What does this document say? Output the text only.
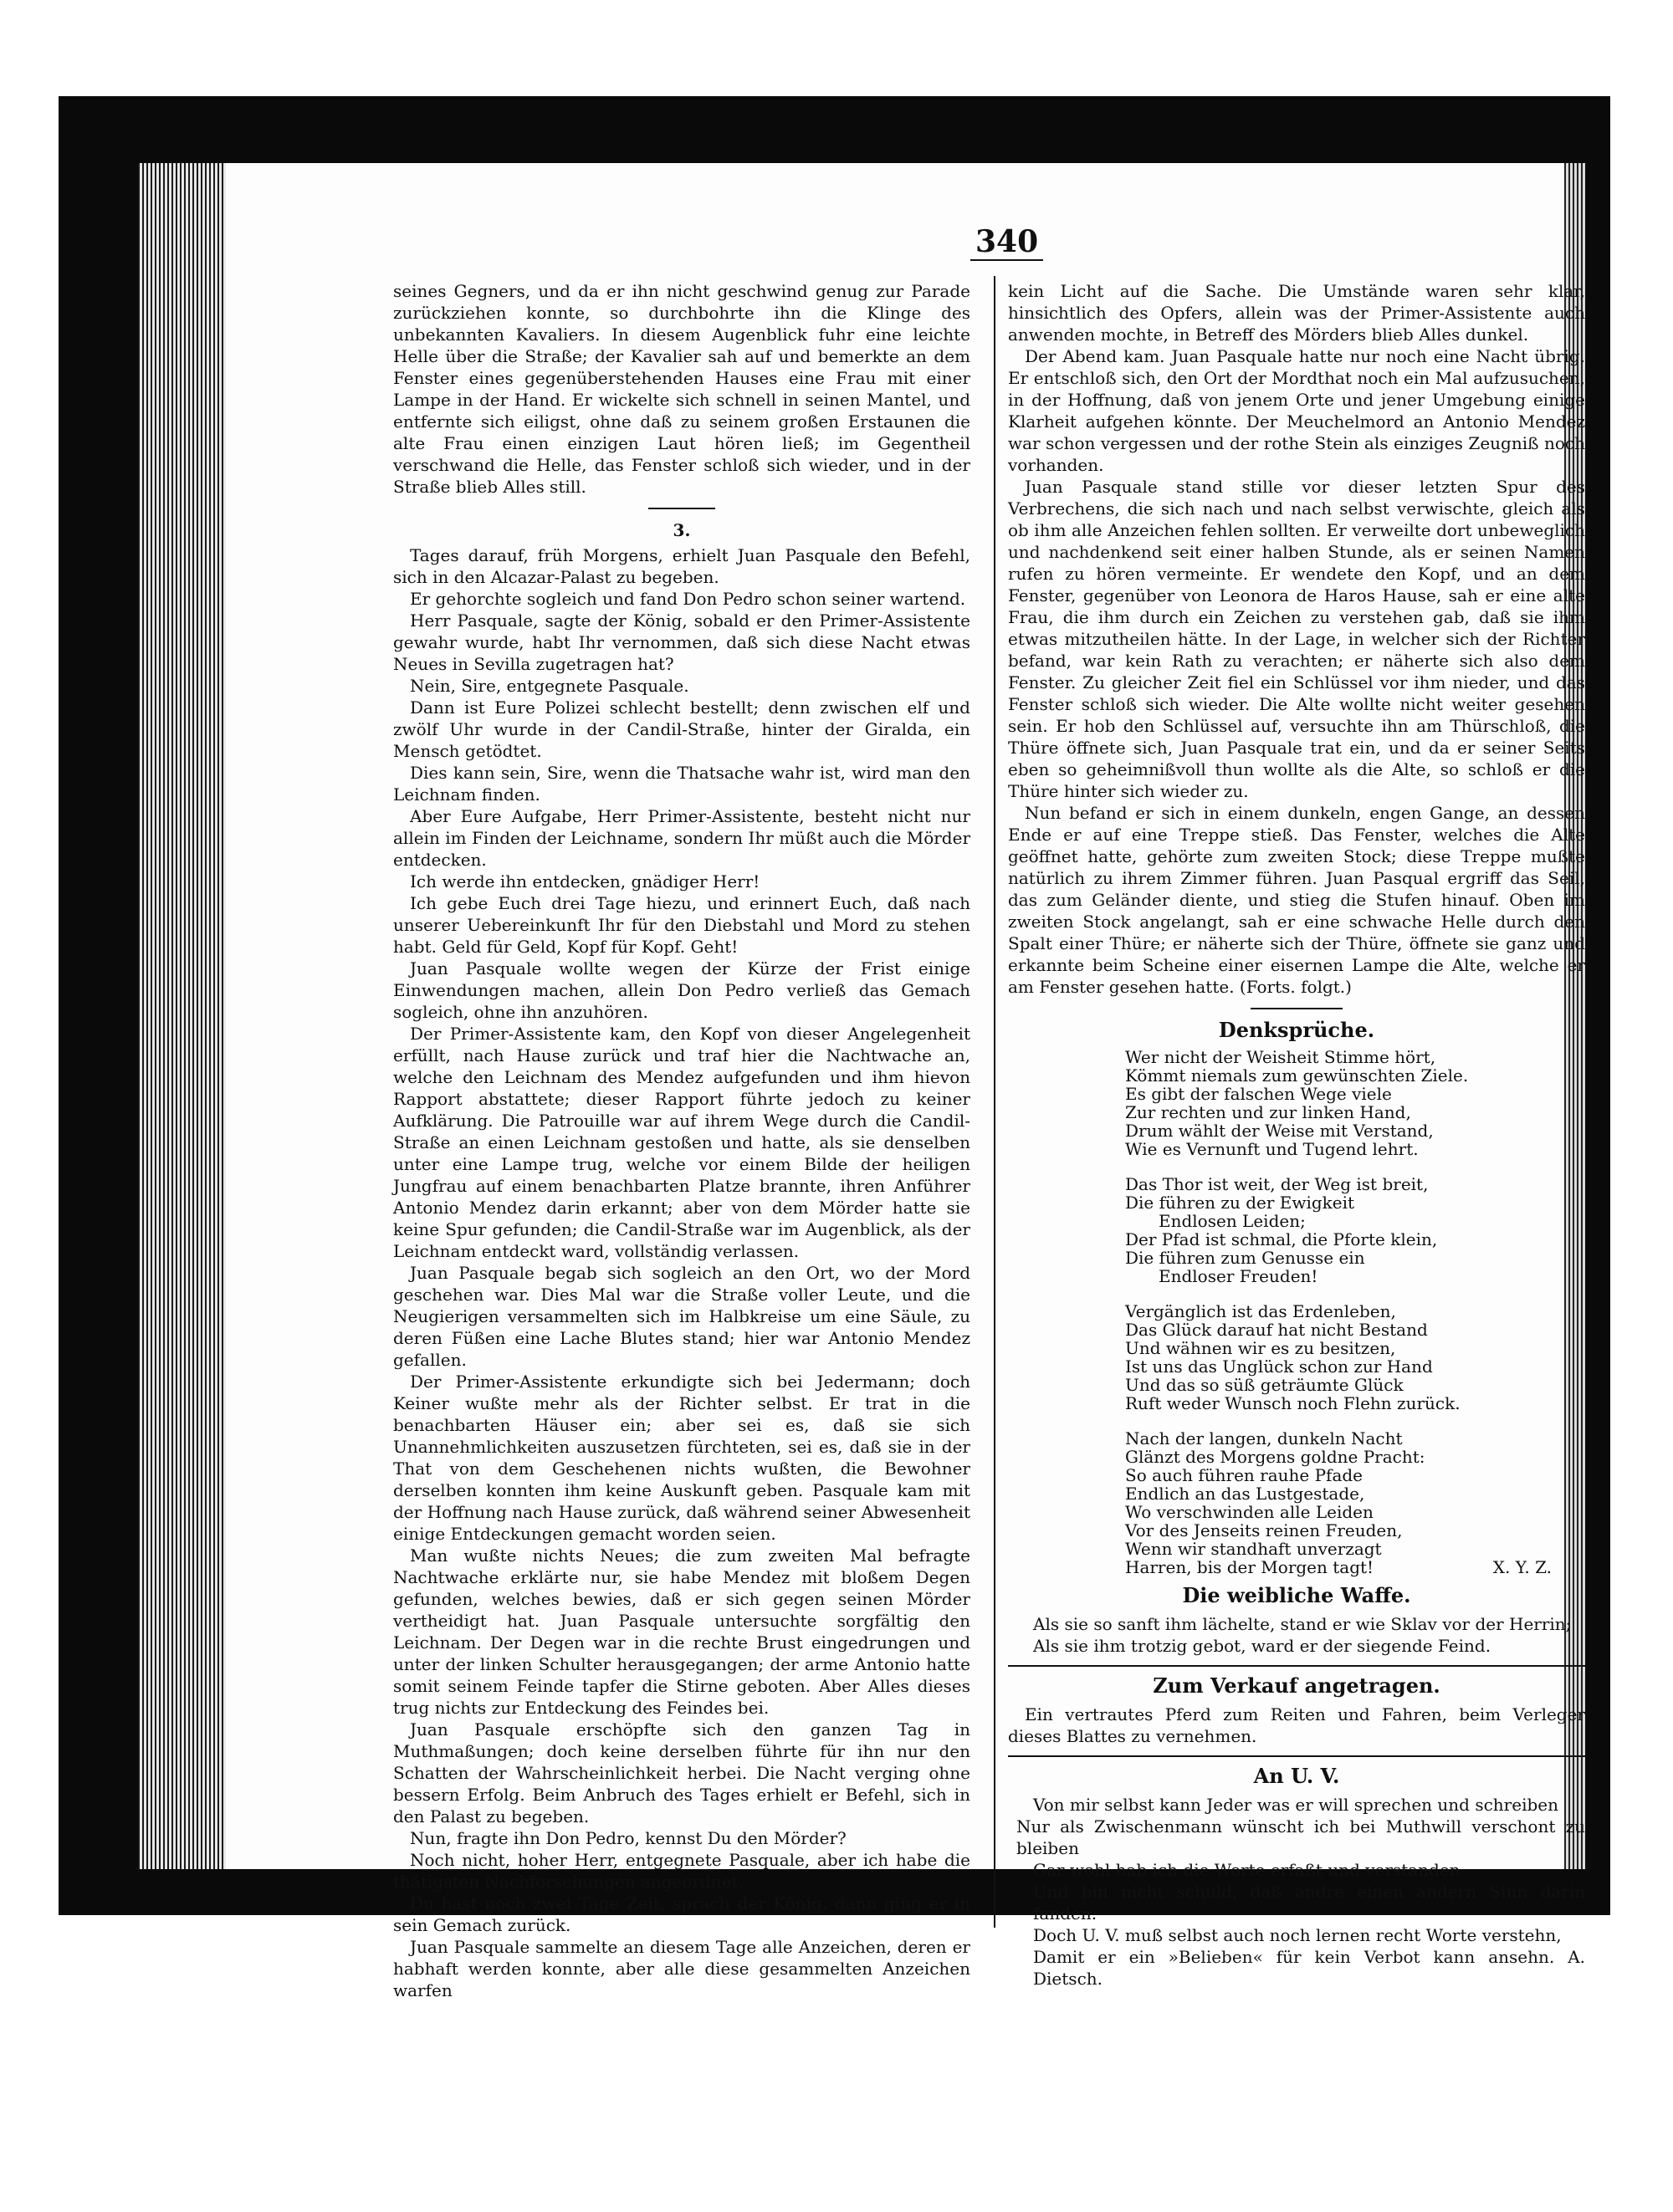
340

seines Gegners, und da er ihn nicht geschwind genug zur Parade zurückziehen konnte, so durchbohrte ihn die Klinge des unbekannten Kavaliers. In diesem Augenblick fuhr eine leichte Helle über die Straße; der Kavalier sah auf und bemerkte an dem Fenster eines gegenüberstehenden Hauses eine Frau mit einer Lampe in der Hand. Er wickelte sich schnell in seinen Mantel, und entfernte sich eiligst, ohne daß zu seinem großen Erstaunen die alte Frau einen einzigen Laut hören ließ; im Gegentheil verschwand die Helle, das Fenster schloß sich wieder, und in der Straße blieb Alles still.

3.

Tages darauf, früh Morgens, erhielt Juan Pasquale den Befehl, sich in den Alcazar-Palast zu begeben.

Er gehorchte sogleich und fand Don Pedro schon seiner wartend.

Herr Pasquale, sagte der König, sobald er den Primer-Assistente gewahr wurde, habt Ihr vernommen, daß sich diese Nacht etwas Neues in Sevilla zugetragen hat?

Nein, Sire, entgegnete Pasquale.

Dann ist Eure Polizei schlecht bestellt; denn zwischen elf und zwölf Uhr wurde in der Candil-Straße, hinter der Giralda, ein Mensch getödtet.

Dies kann sein, Sire, wenn die Thatsache wahr ist, wird man den Leichnam finden.

Aber Eure Aufgabe, Herr Primer-Assistente, besteht nicht nur allein im Finden der Leichname, sondern Ihr müßt auch die Mörder entdecken.

Ich werde ihn entdecken, gnädiger Herr!

Ich gebe Euch drei Tage hiezu, und erinnert Euch, daß nach unserer Uebereinkunft Ihr für den Diebstahl und Mord zu stehen habt. Geld für Geld, Kopf für Kopf. Geht!

Juan Pasquale wollte wegen der Kürze der Frist einige Einwendungen machen, allein Don Pedro verließ das Gemach sogleich, ohne ihn anzuhören.

Der Primer-Assistente kam, den Kopf von dieser Angelegenheit erfüllt, nach Hause zurück und traf hier die Nachtwache an, welche den Leichnam des Mendez aufgefunden und ihm hievon Rapport abstattete; dieser Rapport führte jedoch zu keiner Aufklärung. Die Patrouille war auf ihrem Wege durch die Candil-Straße an einen Leichnam gestoßen und hatte, als sie denselben unter eine Lampe trug, welche vor einem Bilde der heiligen Jungfrau auf einem benachbarten Platze brannte, ihren Anführer Antonio Mendez darin erkannt; aber von dem Mörder hatte sie keine Spur gefunden; die Candil-Straße war im Augenblick, als der Leichnam entdeckt ward, vollständig verlassen.

Juan Pasquale begab sich sogleich an den Ort, wo der Mord geschehen war. Dies Mal war die Straße voller Leute, und die Neugierigen versammelten sich im Halbkreise um eine Säule, zu deren Füßen eine Lache Blutes stand; hier war Antonio Mendez gefallen.

Der Primer-Assistente erkundigte sich bei Jedermann; doch Keiner wußte mehr als der Richter selbst. Er trat in die benachbarten Häuser ein; aber sei es, daß sie sich Unannehmlichkeiten auszusetzen fürchteten, sei es, daß sie in der That von dem Geschehenen nichts wußten, die Bewohner derselben konnten ihm keine Auskunft geben. Pasquale kam mit der Hoffnung nach Hause zurück, daß während seiner Abwesenheit einige Entdeckungen gemacht worden seien.

Man wußte nichts Neues; die zum zweiten Mal befragte Nachtwache erklärte nur, sie habe Mendez mit bloßem Degen gefunden, welches bewies, daß er sich gegen seinen Mörder vertheidigt hat. Juan Pasquale untersuchte sorgfältig den Leichnam. Der Degen war in die rechte Brust eingedrungen und unter der linken Schulter herausgegangen; der arme Antonio hatte somit seinem Feinde tapfer die Stirne geboten. Aber Alles dieses trug nichts zur Entdeckung des Feindes bei.

Juan Pasquale erschöpfte sich den ganzen Tag in Muthmaßungen; doch keine derselben führte für ihn nur den Schatten der Wahrscheinlichkeit herbei. Die Nacht verging ohne bessern Erfolg. Beim Anbruch des Tages erhielt er Befehl, sich in den Palast zu begeben.

Nun, fragte ihn Don Pedro, kennst Du den Mörder?

Noch nicht, hoher Herr, entgegnete Pasquale, aber ich habe die thätigsten Nachforschungen angeordnet.

Du hast noch zwei Tage Zeit, sprach der König, dann ging er in sein Gemach zurück.

Juan Pasquale sammelte an diesem Tage alle Anzeichen, deren er habhaft werden konnte, aber alle diese gesammelten Anzeichen warfen

kein Licht auf die Sache. Die Umstände waren sehr klar, hinsichtlich des Opfers, allein was der Primer-Assistente auch anwenden mochte, in Betreff des Mörders blieb Alles dunkel.

Der Abend kam. Juan Pasquale hatte nur noch eine Nacht übrig. Er entschloß sich, den Ort der Mordthat noch ein Mal aufzusuchen, in der Hoffnung, daß von jenem Orte und jener Umgebung einige Klarheit aufgehen könnte. Der Meuchelmord an Antonio Mendez war schon vergessen und der rothe Stein als einziges Zeugniß noch vorhanden.

Juan Pasquale stand stille vor dieser letzten Spur des Verbrechens, die sich nach und nach selbst verwischte, gleich als ob ihm alle Anzeichen fehlen sollten. Er verweilte dort unbeweglich und nachdenkend seit einer halben Stunde, als er seinen Namen rufen zu hören vermeinte. Er wendete den Kopf, und an dem Fenster, gegenüber von Leonora de Haros Hause, sah er eine alte Frau, die ihm durch ein Zeichen zu verstehen gab, daß sie ihm etwas mitzutheilen hätte. In der Lage, in welcher sich der Richter befand, war kein Rath zu verachten; er näherte sich also dem Fenster. Zu gleicher Zeit fiel ein Schlüssel vor ihm nieder, und das Fenster schloß sich wieder. Die Alte wollte nicht weiter gesehen sein. Er hob den Schlüssel auf, versuchte ihn am Thürschloß, die Thüre öffnete sich, Juan Pasquale trat ein, und da er seiner Seits eben so geheimnißvoll thun wollte als die Alte, so schloß er die Thüre hinter sich wieder zu.

Nun befand er sich in einem dunkeln, engen Gange, an dessen Ende er auf eine Treppe stieß. Das Fenster, welches die Alte geöffnet hatte, gehörte zum zweiten Stock; diese Treppe mußte natürlich zu ihrem Zimmer führen. Juan Pasqual ergriff das Seil, das zum Geländer diente, und stieg die Stufen hinauf. Oben im zweiten Stock angelangt, sah er eine schwache Helle durch den Spalt einer Thüre; er näherte sich der Thüre, öffnete sie ganz und erkannte beim Scheine einer eisernen Lampe die Alte, welche er am Fenster gesehen hatte. (Forts. folgt.)

Denksprüche.
Wer nicht der Weisheit Stimme hört,
Kömmt niemals zum gewünschten Ziele.
Es gibt der falschen Wege viele
Zur rechten und zur linken Hand,
Drum wählt der Weise mit Verstand,
Wie es Vernunft und Tugend lehrt.
Das Thor ist weit, der Weg ist breit,
Die führen zu der Ewigkeit
Endlosen Leiden;
Der Pfad ist schmal, die Pforte klein,
Die führen zum Genusse ein
Endloser Freuden!
Vergänglich ist das Erdenleben,
Das Glück darauf hat nicht Bestand
Und wähnen wir es zu besitzen,
Ist uns das Unglück schon zur Hand
Und das so süß geträumte Glück
Ruft weder Wunsch noch Flehn zurück.
Nach der langen, dunkeln Nacht
Glänzt des Morgens goldne Pracht:
So auch führen rauhe Pfade
Endlich an das Lustgestade,
Wo verschwinden alle Leiden
Vor des Jenseits reinen Freuden,
Wenn wir standhaft unverzagt
Harren, bis der Morgen tagt!	X. Y. Z.
Die weibliche Waffe.
Als sie so sanft ihm lächelte, stand er wie Sklav vor der Herrin;
Als sie ihm trotzig gebot, ward er der siegende Feind.
Zum Verkauf angetragen.

Ein vertrautes Pferd zum Reiten und Fahren, beim Verleger dieses Blattes zu vernehmen.

An U. V.
Von mir selbst kann Jeder was er will sprechen und schreiben
Nur als Zwischenmann wünscht ich bei Muthwill verschont zu bleiben
Gar wohl hab ich die Worte erfaßt und verstanden
Und bin nicht schuld, daß andre einen andern Sinn darin fanden.
Doch U. V. muß selbst auch noch lernen recht Worte verstehn,
Damit er ein »Belieben« für kein Verbot kann ansehn. A. Dietsch.
